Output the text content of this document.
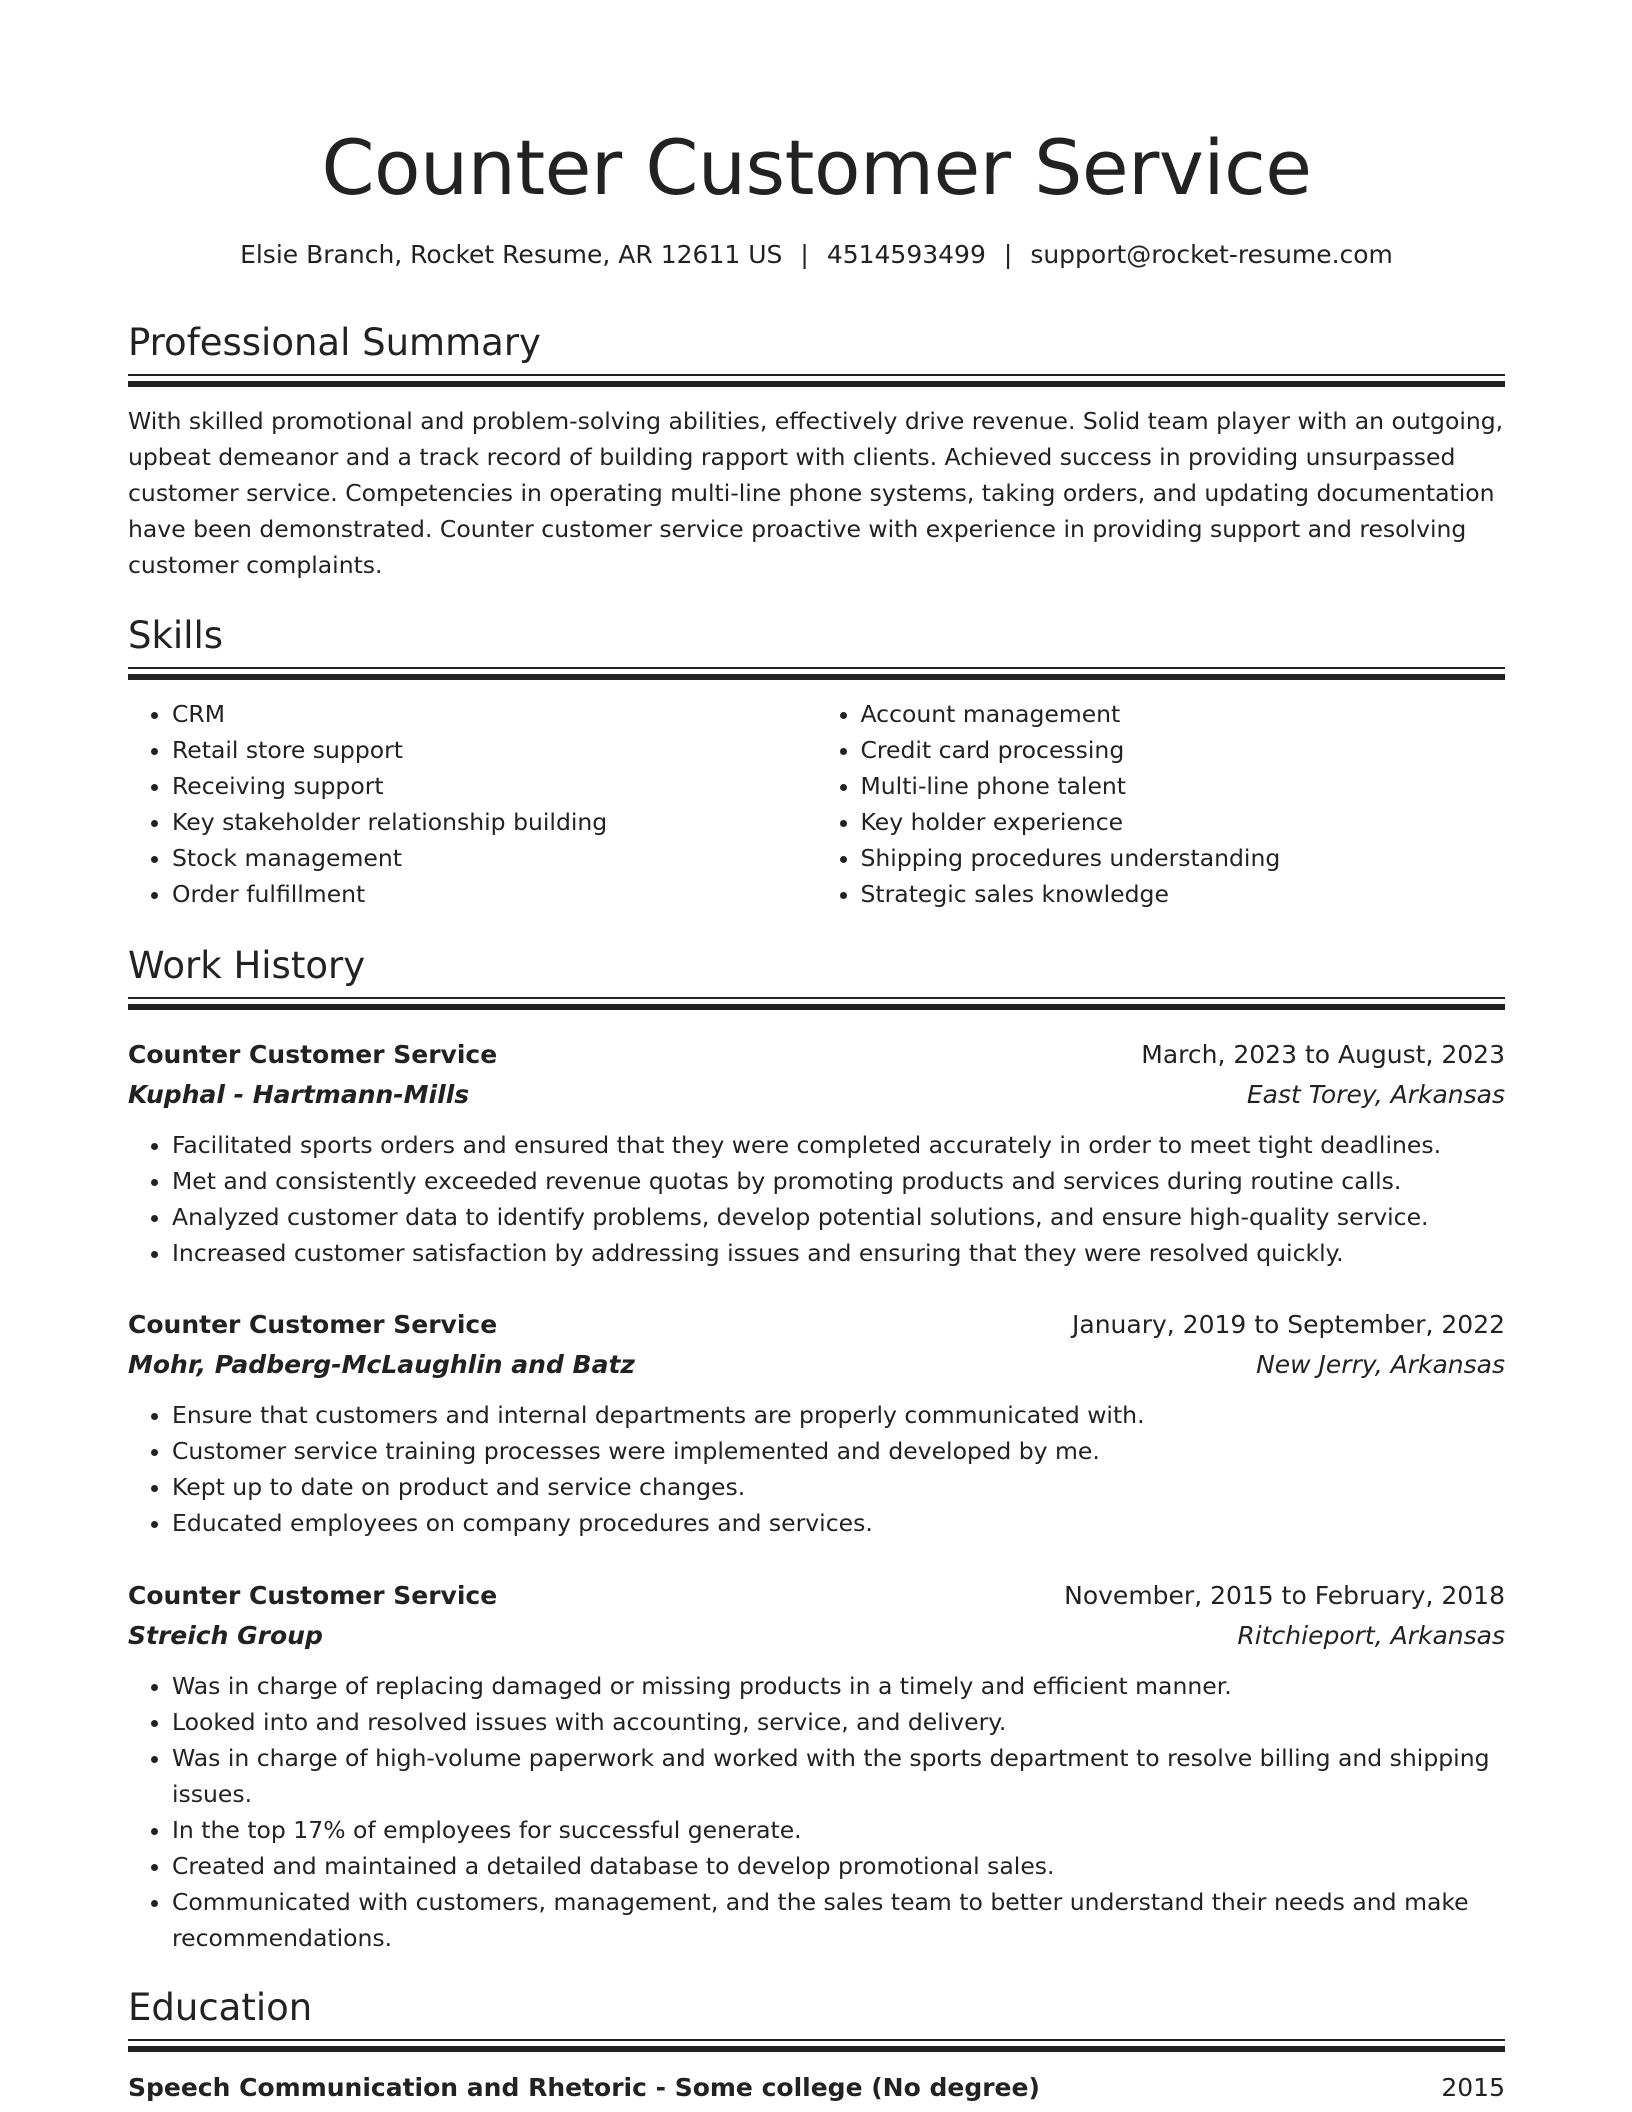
Counter Customer Service
Elsie Branch, Rocket Resume, AR 12611 US | 4514593499 | support@rocket-resume.com
Professional Summary
With skilled promotional and problem-solving abilities, effectively drive revenue. Solid team player with an outgoing, upbeat demeanor and a track record of building rapport with clients. Achieved success in providing unsurpassed customer service. Competencies in operating multi-line phone systems, taking orders, and updating documentation have been demonstrated. Counter customer service proactive with experience in providing support and resolving customer complaints.
Skills
• CRM
• Retail store support
• Receiving support
• Key stakeholder relationship building
• Stock management
• Order fulfillment
• Account management
• Credit card processing
• Multi-line phone talent
• Key holder experience
• Shipping procedures understanding
• Strategic sales knowledge
Work History
Counter Customer Service	March, 2023 to August, 2023
Kuphal - Hartmann-Mills	East Torey, Arkansas
• Facilitated sports orders and ensured that they were completed accurately in order to meet tight deadlines.
• Met and consistently exceeded revenue quotas by promoting products and services during routine calls.
• Analyzed customer data to identify problems, develop potential solutions, and ensure high-quality service.
• Increased customer satisfaction by addressing issues and ensuring that they were resolved quickly.
Counter Customer Service	January, 2019 to September, 2022
Mohr, Padberg-McLaughlin and Batz	New Jerry, Arkansas
• Ensure that customers and internal departments are properly communicated with.
• Customer service training processes were implemented and developed by me.
• Kept up to date on product and service changes.
• Educated employees on company procedures and services.
Counter Customer Service	November, 2015 to February, 2018
Streich Group	Ritchieport, Arkansas
• Was in charge of replacing damaged or missing products in a timely and efficient manner.
• Looked into and resolved issues with accounting, service, and delivery.
• Was in charge of high-volume paperwork and worked with the sports department to resolve billing and shipping issues.
• In the top 17% of employees for successful generate.
• Created and maintained a detailed database to develop promotional sales.
• Communicated with customers, management, and the sales team to better understand their needs and make recommendations.
Education
Speech Communication and Rhetoric - Some college (No degree)	2015
